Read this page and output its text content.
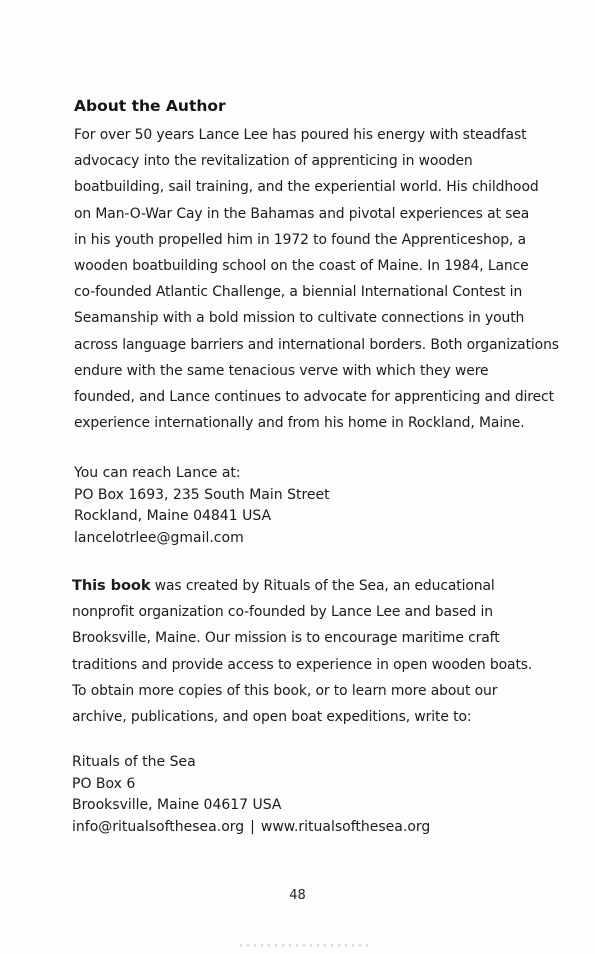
About the Author
For over 50 years Lance Lee has poured his energy with steadfast
advocacy into the revitalization of apprenticing in wooden
boatbuilding, sail training, and the experiential world. His childhood
on Man-O-War Cay in the Bahamas and pivotal experiences at sea
in his youth propelled him in 1972 to found the Apprenticeshop, a
wooden boatbuilding school on the coast of Maine. In 1984, Lance
co-founded Atlantic Challenge, a biennial International Contest in
Seamanship with a bold mission to cultivate connections in youth
across language barriers and international borders. Both organizations
endure with the same tenacious verve with which they were
founded, and Lance continues to advocate for apprenticing and direct
experience internationally and from his home in Rockland, Maine.
You can reach Lance at:
PO Box 1693, 235 South Main Street
Rockland, Maine 04841 USA
lancelotrlee@gmail.com
This book was created by Rituals of the Sea, an educational
nonprofit organization co-founded by Lance Lee and based in
Brooksville, Maine. Our mission is to encourage maritime craft
traditions and provide access to experience in open wooden boats.
To obtain more copies of this book, or to learn more about our
archive, publications, and open boat expeditions, write to:
Rituals of the Sea
PO Box 6
Brooksville, Maine 04617 USA
info@ritualsofthesea.org | www.ritualsofthesea.org
48
